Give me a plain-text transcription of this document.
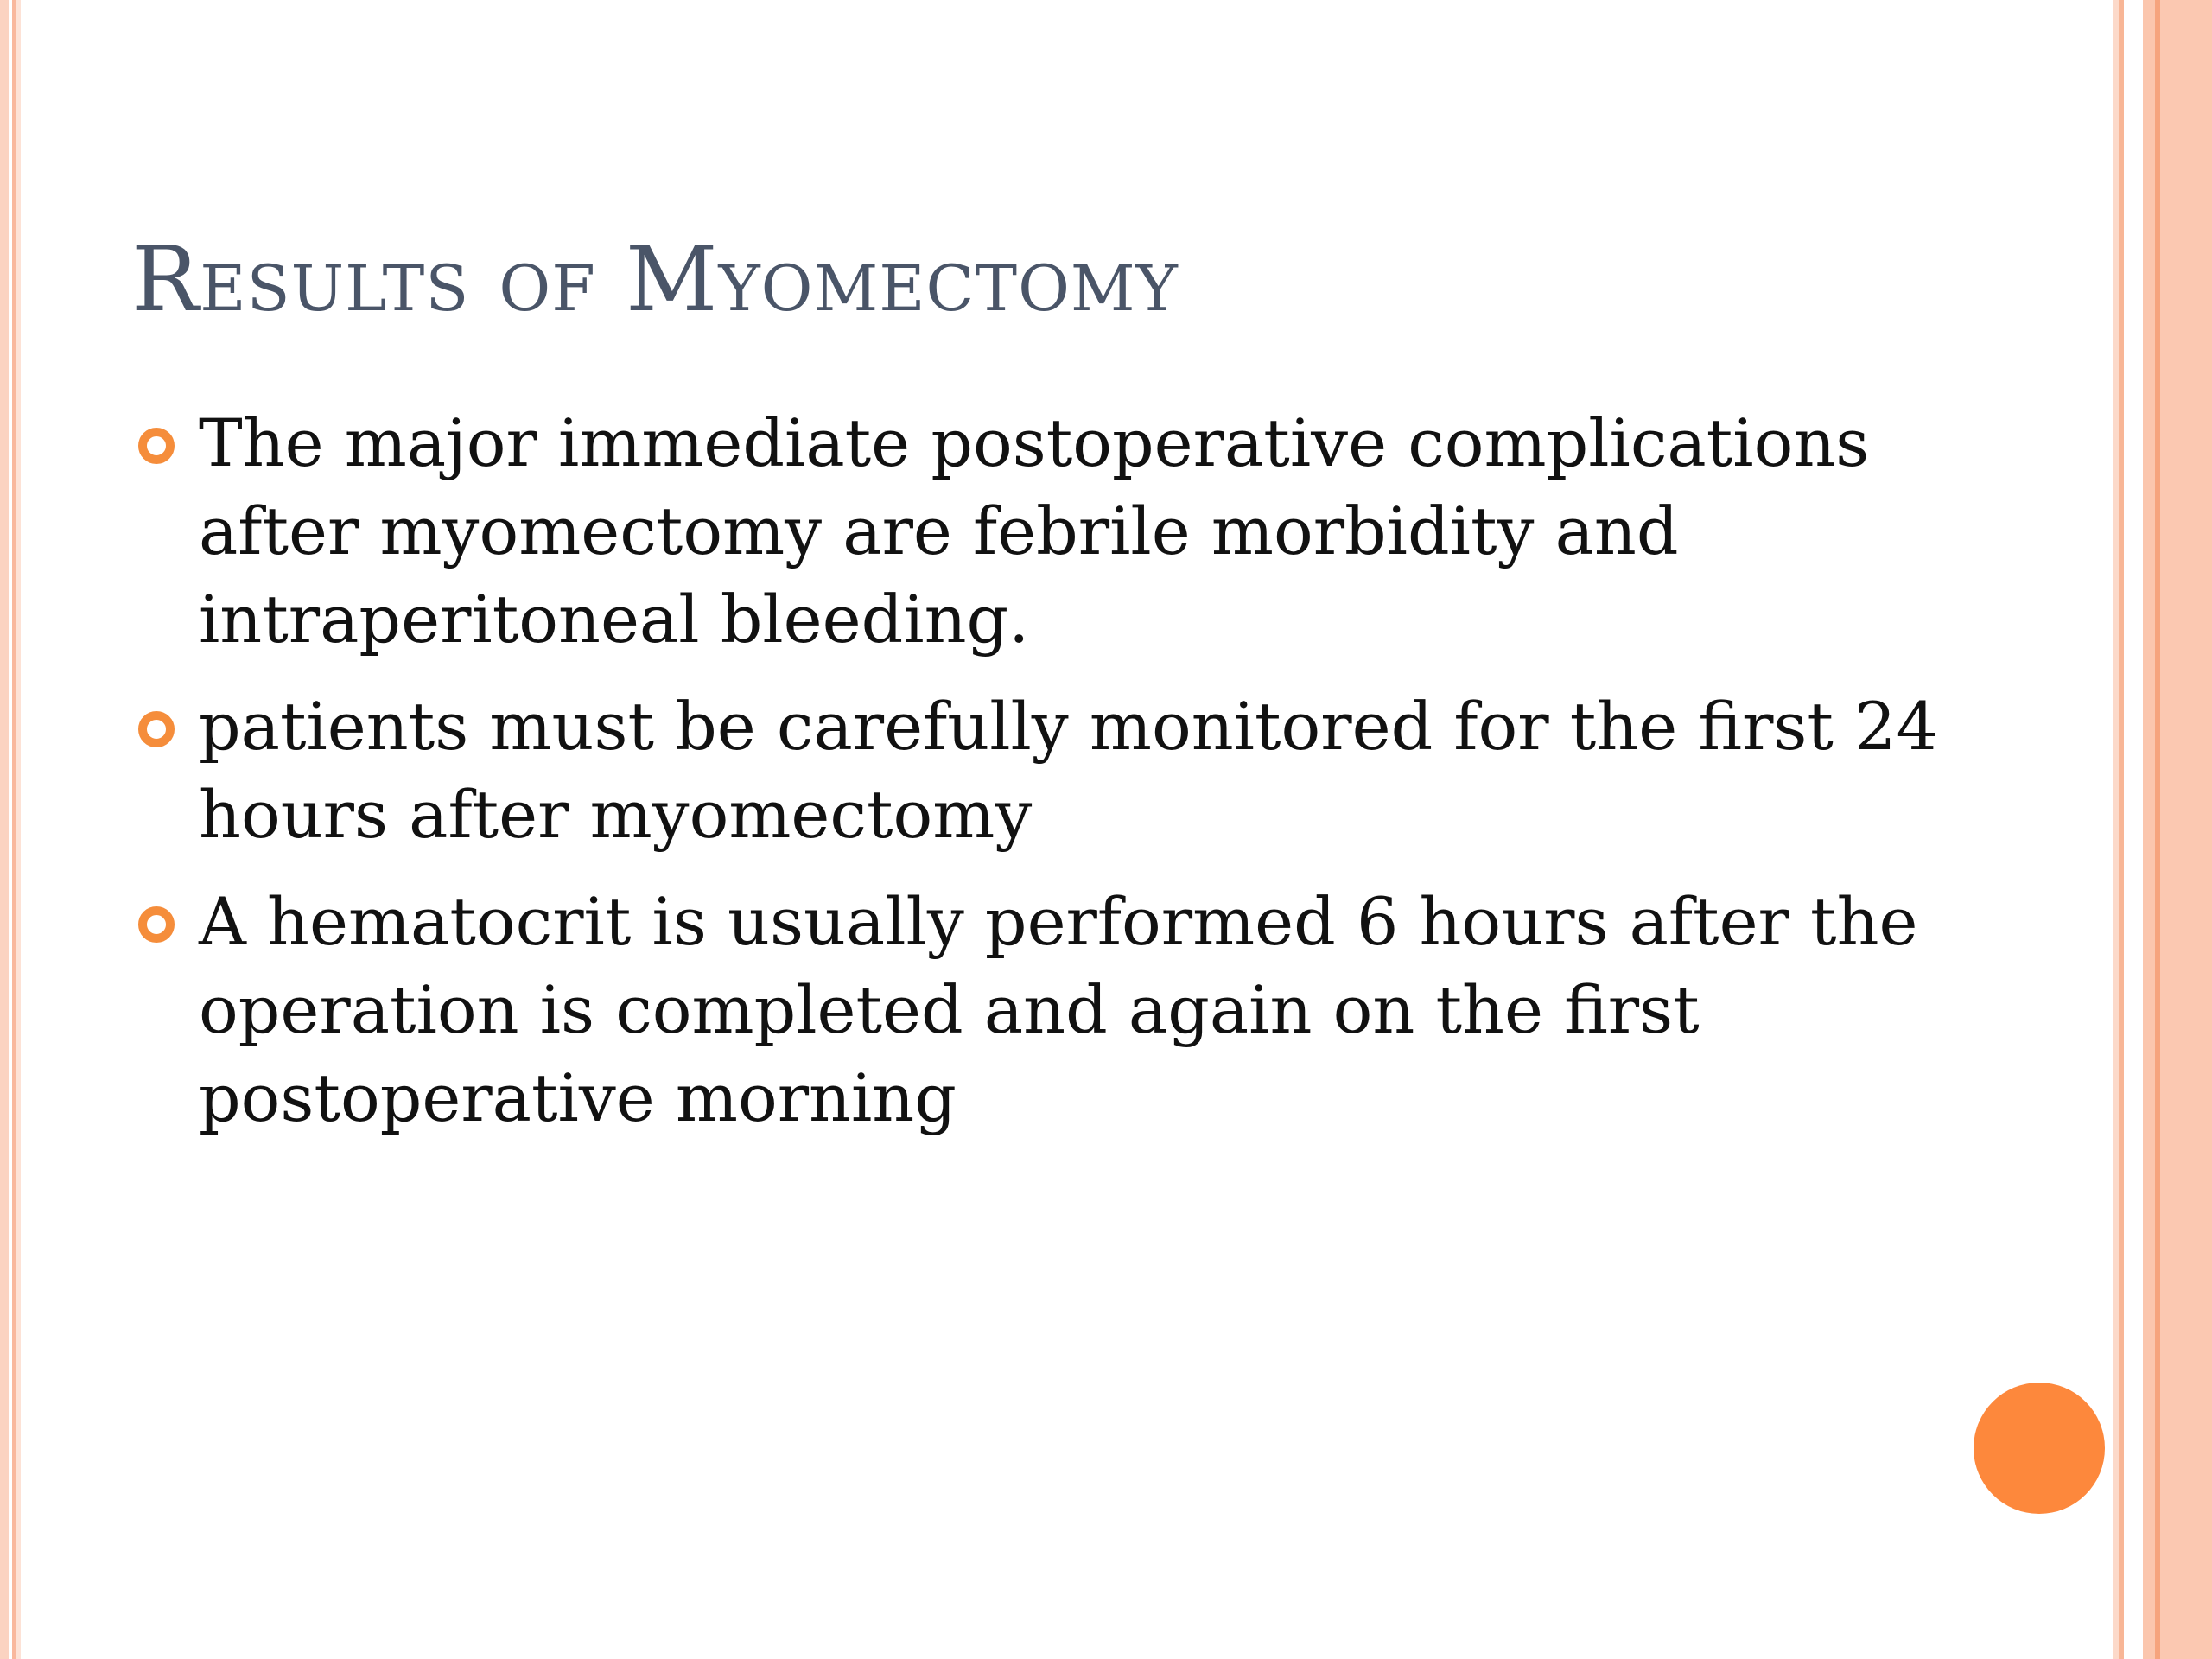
Results of Myomectomy
The major immediate postoperative complications after myomectomy are febrile morbidity and intraperitoneal bleeding.
patients must be carefully monitored for the first 24 hours after myomectomy
A hematocrit is usually performed 6 hours after the operation is completed and again on the first postoperative morning
